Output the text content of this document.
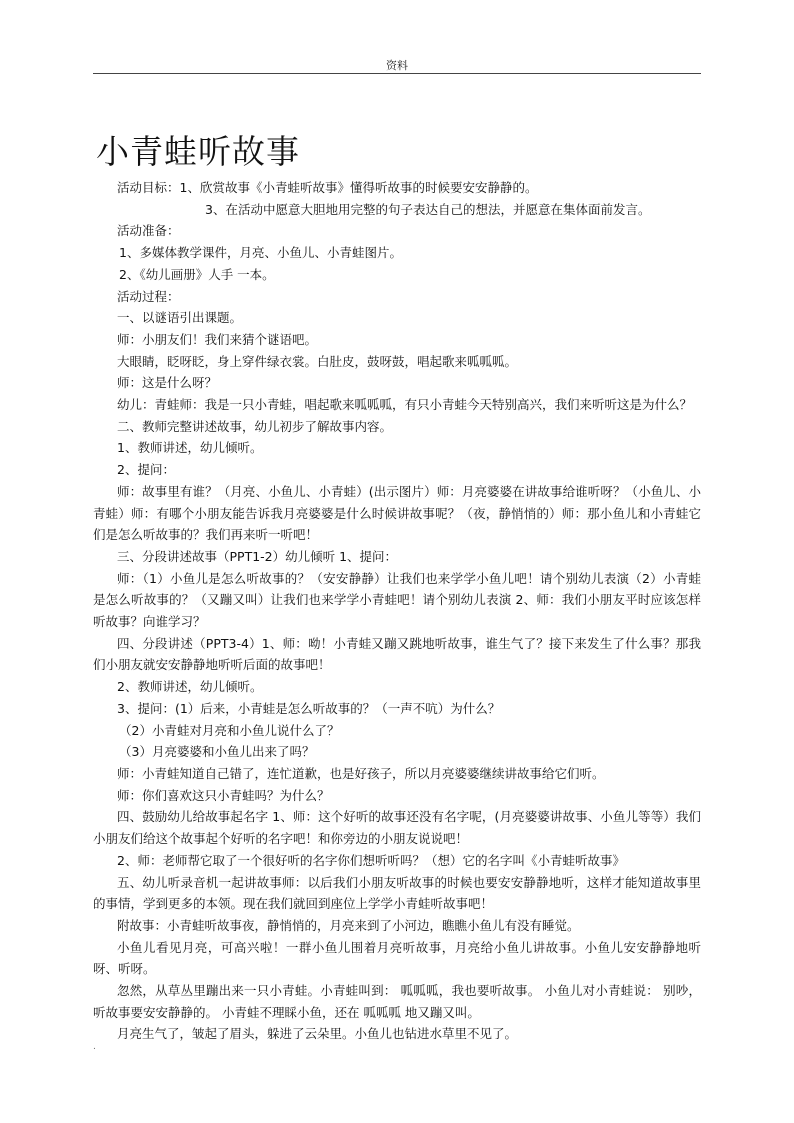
资料
小青蛙听故事

活动目标：1、欣赏故事《小青蛙听故事》懂得听故事的时候要安安静静的。

3、在活动中愿意大胆地用完整的句子表达自己的想法，并愿意在集体面前发言。

活动准备：

1、多媒体教学课件，月亮、小鱼儿、小青蛙图片。

2、《幼儿画册》人手 一本。

活动过程：

一、以谜语引出课题。

师：小朋友们！我们来猜个谜语吧。

大眼睛，眨呀眨，身上穿件绿衣裳。白肚皮，鼓呀鼓，唱起歌来呱呱呱。

师：这是什么呀？

幼儿：青蛙师：我是一只小青蛙，唱起歌来呱呱呱，有只小青蛙今天特别高兴，我们来听听这是为什么？

二、教师完整讲述故事，幼儿初步了解故事内容。

1、教师讲述，幼儿倾听。

2、提问：

师：故事里有谁？（月亮、小鱼儿、小青蛙）(出示图片）师：月亮婆婆在讲故事给谁听呀？（小鱼儿、小青蛙）师：有哪个小朋友能告诉我月亮婆婆是什么时候讲故事呢？（夜，静悄悄的）师：那小鱼儿和小青蛙它们是怎么听故事的？我们再来听一听吧！

三、分段讲述故事（PPT1-2）幼儿倾听 1、提问：

师：（1）小鱼儿是怎么听故事的？（安安静静）让我们也来学学小鱼儿吧！请个别幼儿表演（2）小青蛙是怎么听故事的？（又蹦又叫）让我们也来学学小青蛙吧！请个别幼儿表演 2、师：我们小朋友平时应该怎样听故事？向谁学习？

四、分段讲述（PPT3-4）1、师：呦！小青蛙又蹦又跳地听故事，谁生气了？接下来发生了什么事？那我们小朋友就安安静静地听听后面的故事吧！

2、教师讲述，幼儿倾听。

3、提问：(1）后来，小青蛙是怎么听故事的？（一声不吭）为什么？

（2）小青蛙对月亮和小鱼儿说什么了？

（3）月亮婆婆和小鱼儿出来了吗？

师：小青蛙知道自己错了，连忙道歉，也是好孩子，所以月亮婆婆继续讲故事给它们听。

师：你们喜欢这只小青蛙吗？为什么？

四、鼓励幼儿给故事起名字 1、师：这个好听的故事还没有名字呢，(月亮婆婆讲故事、小鱼儿等等）我们小朋友们给这个故事起个好听的名字吧！和你旁边的小朋友说说吧！

2、师：老师帮它取了一个很好听的名字你们想听听吗？（想）它的名字叫《小青蛙听故事》

五、幼儿听录音机一起讲故事师：以后我们小朋友听故事的时候也要安安静静地听，这样才能知道故事里的事情，学到更多的本领。现在我们就回到座位上学学小青蛙听故事吧！

附故事：小青蛙听故事夜，静悄悄的，月亮来到了小河边，瞧瞧小鱼儿有没有睡觉。

小鱼儿看见月亮，可高兴啦！一群小鱼儿围着月亮听故事，月亮给小鱼儿讲故事。小鱼儿安安静静地听呀、听呀。

忽然，从草丛里蹦出来一只小青蛙。小青蛙叫到： 呱呱呱，我也要听故事。 小鱼儿对小青蛙说： 别吵，听故事要安安静静的。 小青蛙不理睬小鱼，还在 呱呱呱 地又蹦又叫。

月亮生气了，皱起了眉头，躲进了云朵里。小鱼儿也钻进水草里不见了。

.
